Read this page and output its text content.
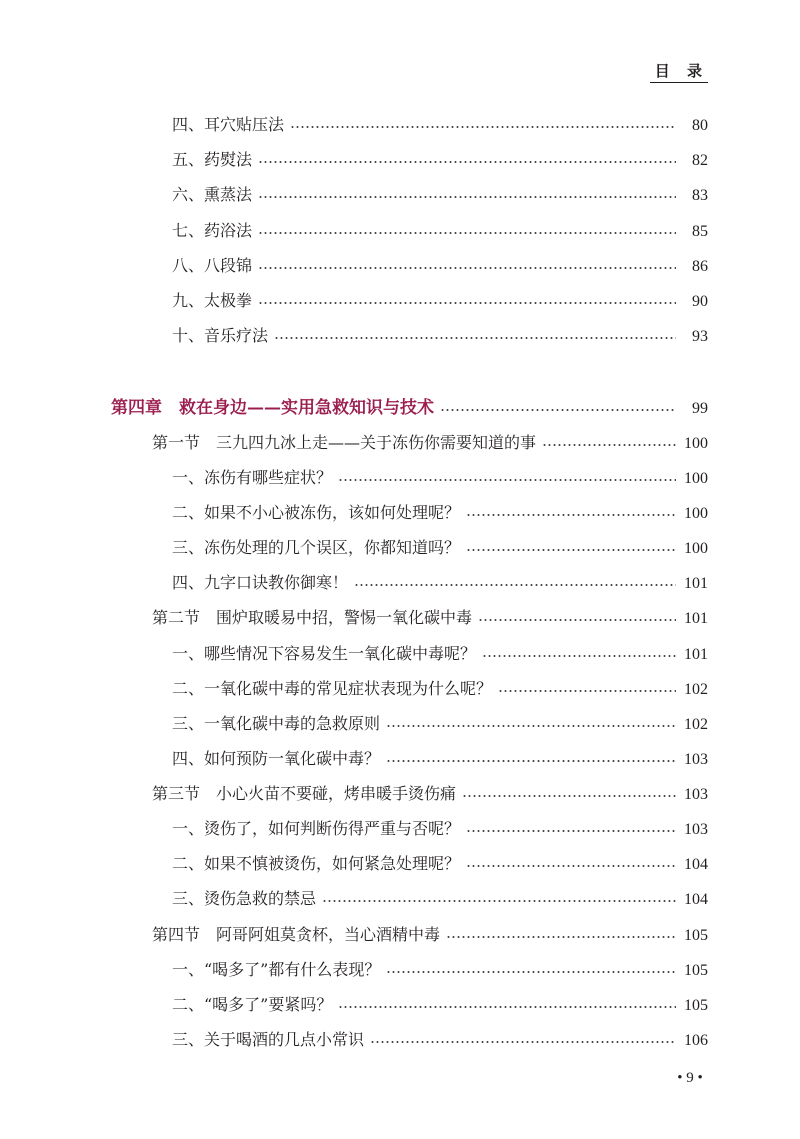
目 录
四、耳穴贴压法	80
五、药熨法	82
六、熏蒸法	83
七、药浴法	85
八、八段锦	86
九、太极拳	90
十、音乐疗法	93
第四章　救在身边——实用急救知识与技术	99
第一节　三九四九冰上走——关于冻伤你需要知道的事	100
一、冻伤有哪些症状？	100
二、如果不小心被冻伤，该如何处理呢？	100
三、冻伤处理的几个误区，你都知道吗？	100
四、九字口诀教你御寒！	101
第二节　围炉取暖易中招，警惕一氧化碳中毒	101
一、哪些情况下容易发生一氧化碳中毒呢？	101
二、一氧化碳中毒的常见症状表现为什么呢？	102
三、一氧化碳中毒的急救原则	102
四、如何预防一氧化碳中毒？	103
第三节　小心火苗不要碰，烤串暖手烫伤痛	103
一、烫伤了，如何判断伤得严重与否呢？	103
二、如果不慎被烫伤，如何紧急处理呢？	104
三、烫伤急救的禁忌	104
第四节　阿哥阿姐莫贪杯，当心酒精中毒	105
一、“喝多了”都有什么表现？	105
二、“喝多了”要紧吗？	105
三、关于喝酒的几点小常识	106
• 9 •
